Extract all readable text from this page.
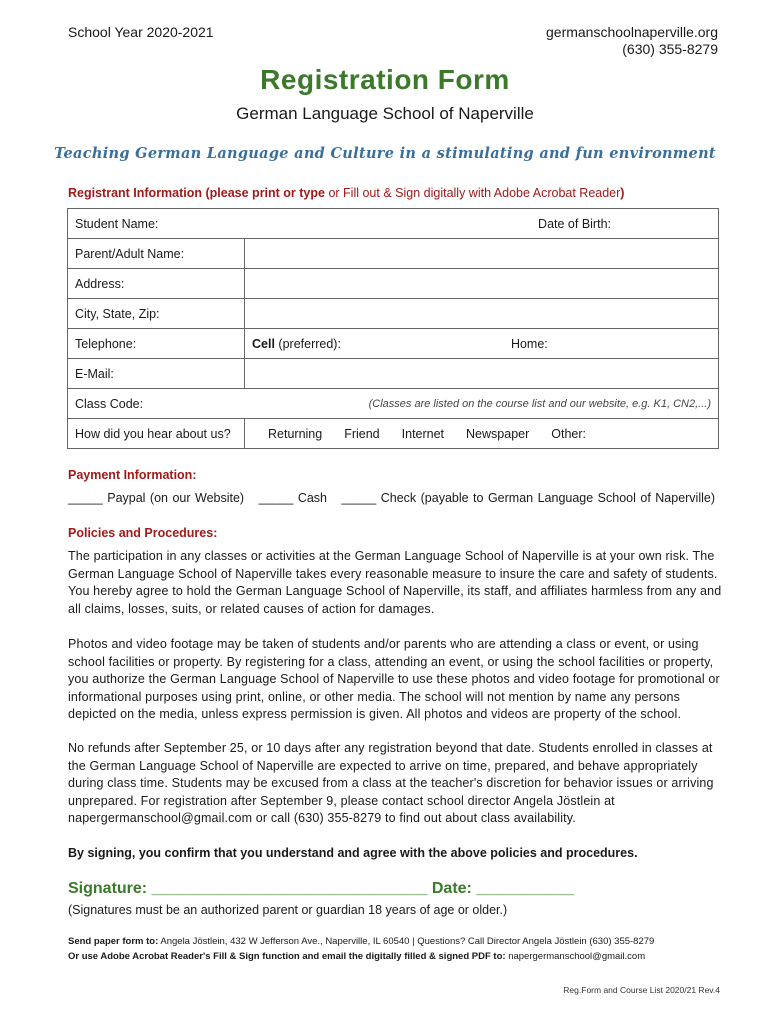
School Year 2020-2021	germanschoolnaperville.org
(630) 355-8279
Registration Form
German Language School of Naperville
Teaching German Language and Culture in a stimulating and fun environment
Registrant Information (please print or type or Fill out & Sign digitally with Adobe Acrobat Reader)
Student Name: Date of Birth:	

Parent/Adult Name:	
Address:	
City, State, Zip:	
Telephone:	Cell (preferred): Home:

E-Mail:	

Class Code: (Classes are listed on the course list and our website, e.g. K1, CN2,...)	

How did you hear about us?	Returning Friend Internet Newspaper Other:
Payment Information:
_____ Paypal (on our Website) _____ Cash _____ Check (payable to German Language School of Naperville)
Policies and Procedures:
The participation in any classes or activities at the German Language School of Naperville is at your own risk. The German Language School of Naperville takes every reasonable measure to insure the care and safety of students. You hereby agree to hold the German Language School of Naperville, its staff, and affiliates harmless from any and all claims, losses, suits, or related causes of action for damages.
Photos and video footage may be taken of students and/or parents who are attending a class or event, or using school facilities or property. By registering for a class, attending an event, or using the school facilities or property, you authorize the German Language School of Naperville to use these photos and video footage for promotional or informational purposes using print, online, or other media. The school will not mention by name any persons depicted on the media, unless express permission is given. All photos and videos are property of the school.
No refunds after September 25, or 10 days after any registration beyond that date. Students enrolled in classes at the German Language School of Naperville are expected to arrive on time, prepared, and behave appropriately during class time. Students may be excused from a class at the teacher's discretion for behavior issues or arriving unprepared. For registration after September 9, please contact school director Angela Jöstlein at napergermanschool@gmail.com or call (630) 355-8279 to find out about class availability.
By signing, you confirm that you understand and agree with the above policies and procedures.
Signature: _______________________________ Date: ___________
(Signatures must be an authorized parent or guardian 18 years of age or older.)
Send paper form to: Angela Jöstlein, 432 W Jefferson Ave., Naperville, IL 60540 | Questions? Call Director Angela Jöstlein (630) 355-8279
Or use Adobe Acrobat Reader's Fill & Sign function and email the digitally filled & signed PDF to: napergermanschool@gmail.com
Reg.Form and Course List 2020/21 Rev.4
